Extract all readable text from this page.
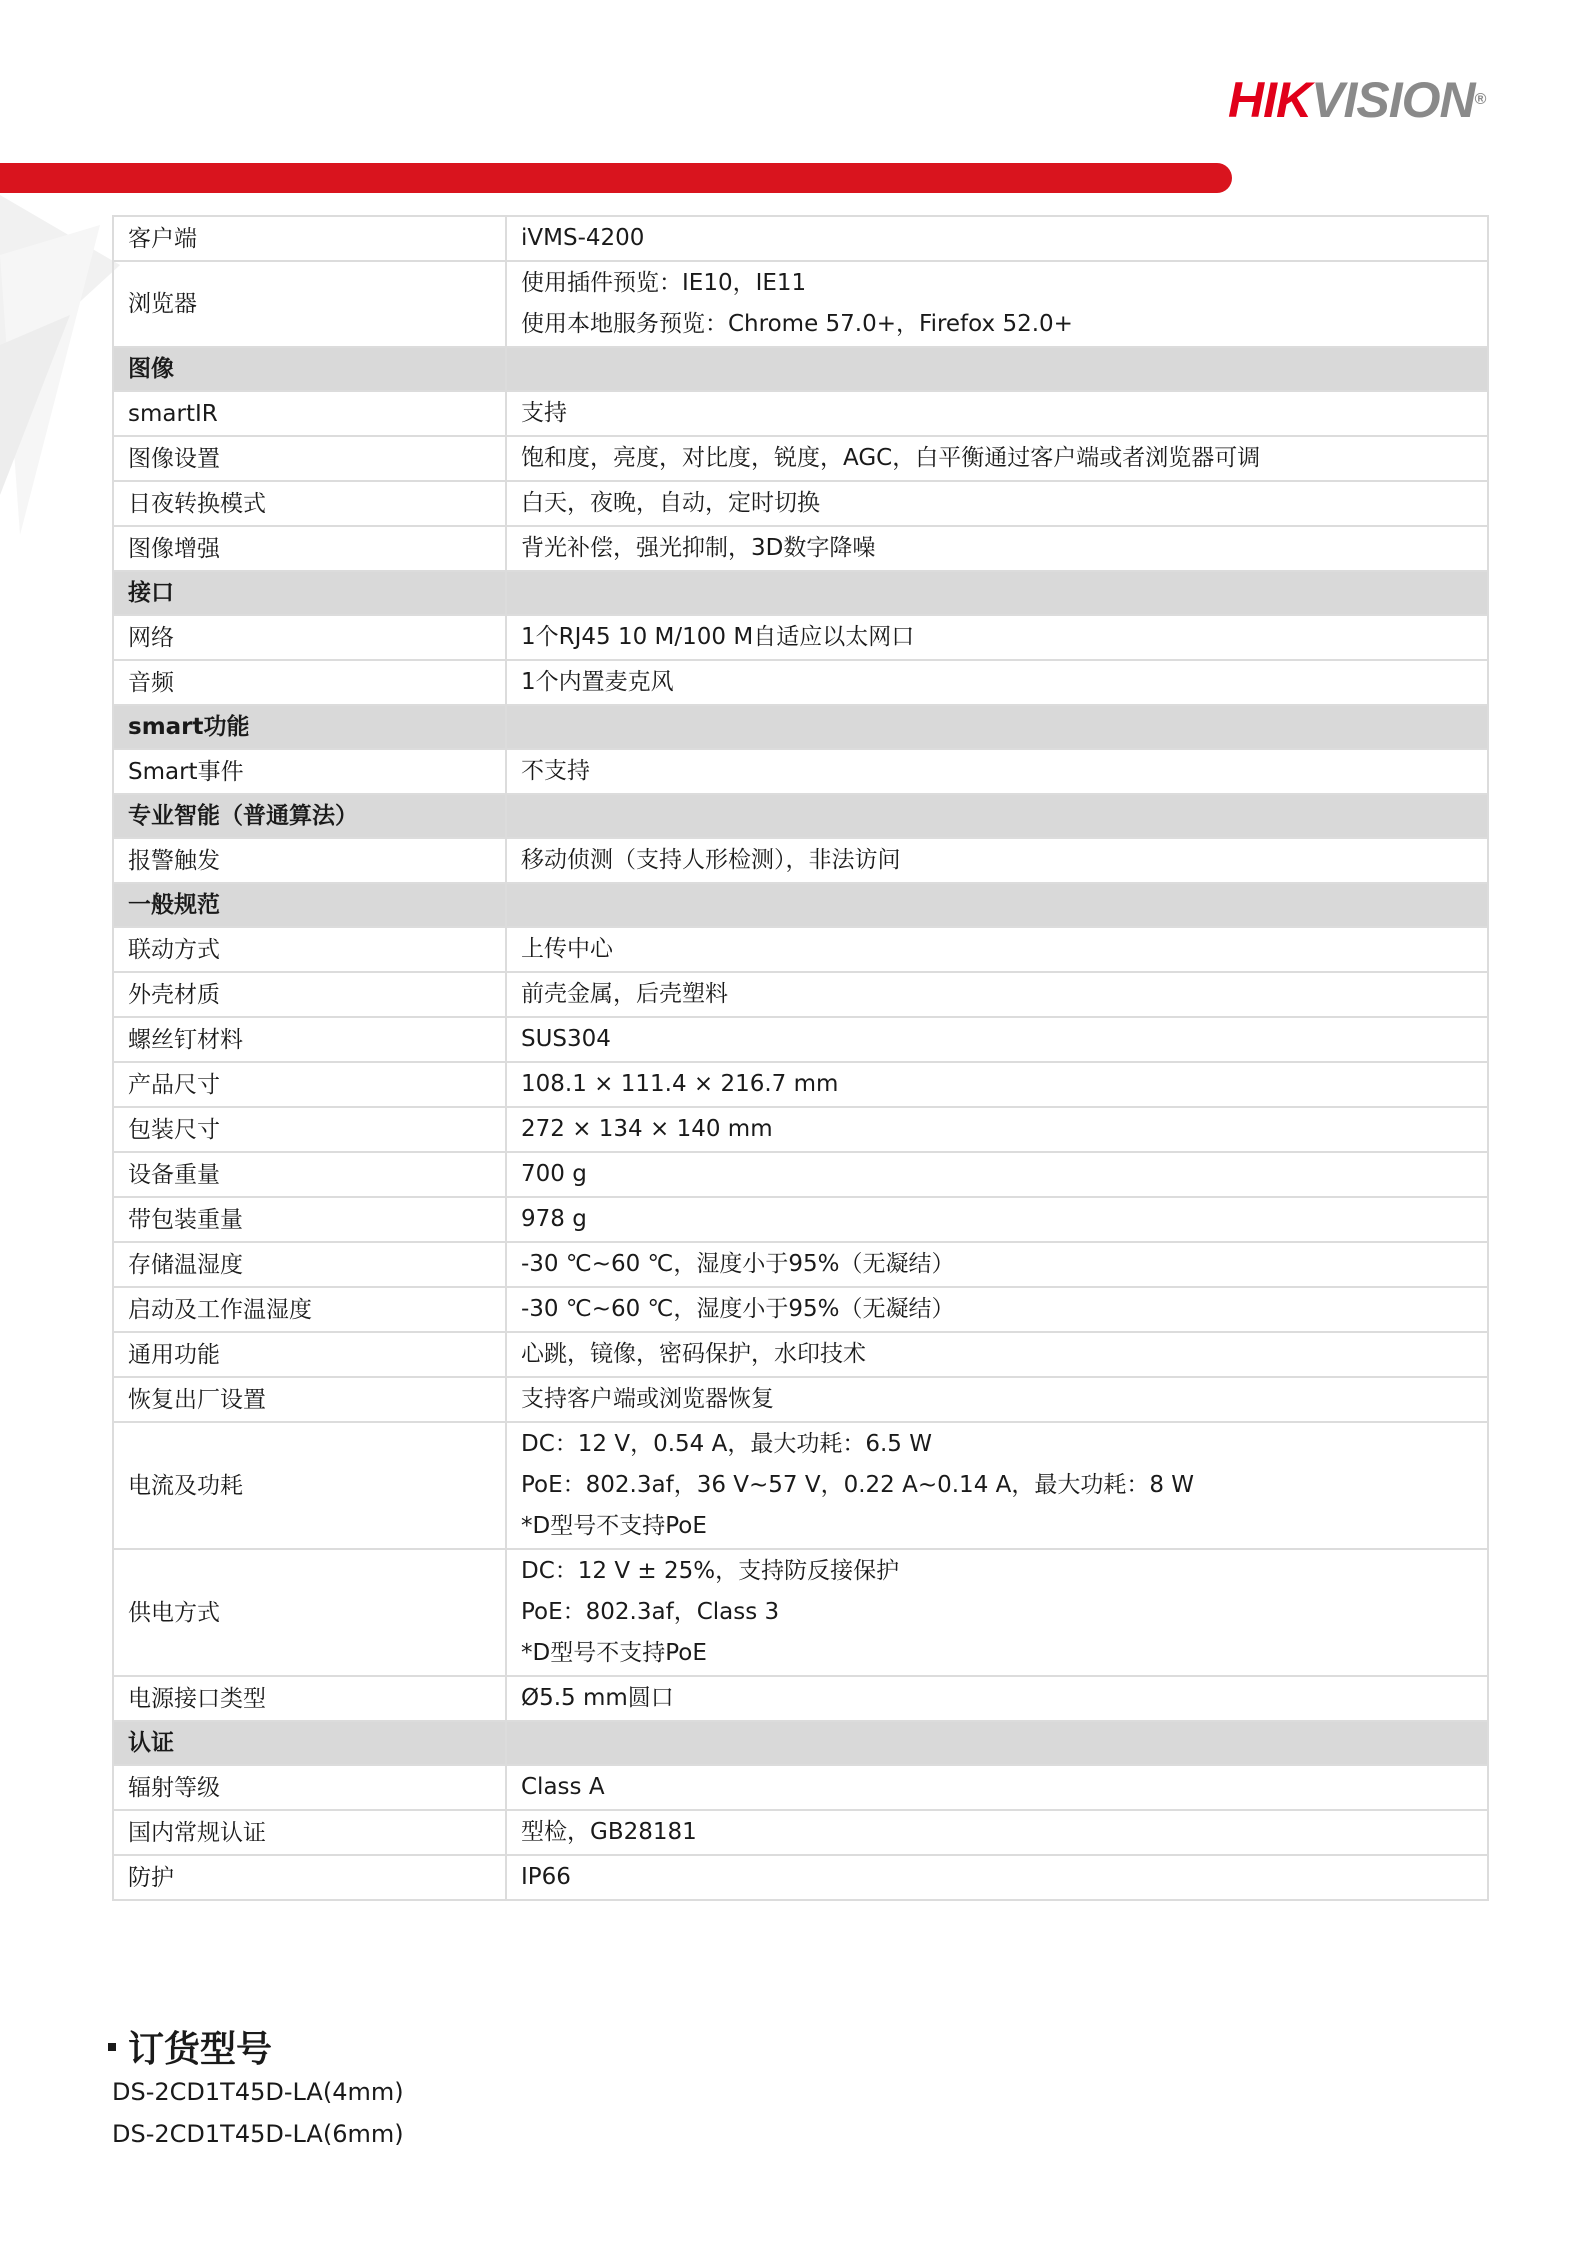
HIKVISION®
客户端	iVMS-4200

浏览器	使用插件预览：IE10，IE11
使用本地服务预览：Chrome 57.0+，Firefox 52.0+

图像	
smartIR	支持

图像设置	饱和度，亮度，对比度，锐度，AGC，白平衡通过客户端或者浏览器可调

日夜转换模式	白天，夜晚，自动，定时切换

图像增强	背光补偿，强光抑制，3D数字降噪

接口	
网络	1个RJ45 10 M/100 M自适应以太网口

音频	1个内置麦克风

smart功能	
Smart事件	不支持

专业智能（普通算法）	
报警触发	移动侦测（支持人形检测），非法访问

一般规范	
联动方式	上传中心

外壳材质	前壳金属，后壳塑料

螺丝钉材料	SUS304

产品尺寸	108.1 × 111.4 × 216.7 mm

包装尺寸	272 × 134 × 140 mm

设备重量	700 g

带包装重量	978 g

存储温湿度	-30 ℃~60 ℃，湿度小于95%（无凝结）

启动及工作温湿度	-30 ℃~60 ℃，湿度小于95%（无凝结）

通用功能	心跳，镜像，密码保护，水印技术

恢复出厂设置	支持客户端或浏览器恢复

电流及功耗	DC：12 V，0.54 A，最大功耗：6.5 W
PoE：802.3af，36 V~57 V，0.22 A~0.14 A，最大功耗：8 W
*D型号不支持PoE

供电方式	DC：12 V ± 25%，支持防反接保护
PoE：802.3af，Class 3
*D型号不支持PoE

电源接口类型	Ø5.5 mm圆口

认证	
辐射等级	Class A

国内常规认证	型检，GB28181

防护	IP66
订货型号
DS-2CD1T45D-LA(4mm)
DS-2CD1T45D-LA(6mm)
